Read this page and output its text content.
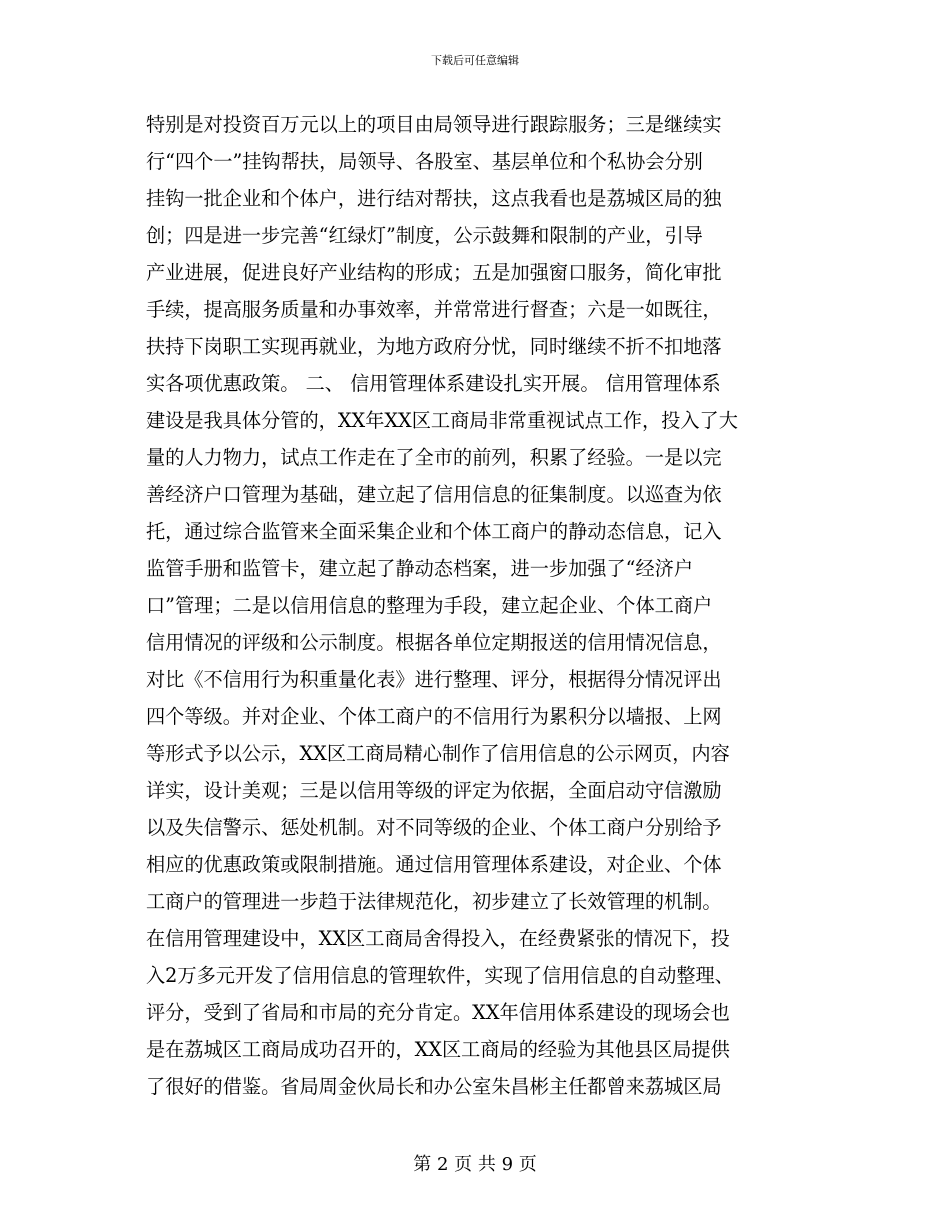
下载后可任意编辑
特别是对投资百万元以上的项目由局领导进行跟踪服务；三是继续实
行“四个一”挂钩帮扶，局领导、各股室、基层单位和个私协会分别
挂钩一批企业和个体户，进行结对帮扶，这点我看也是荔城区局的独
创；四是进一步完善“红绿灯”制度，公示鼓舞和限制的产业，引导
产业进展，促进良好产业结构的形成；五是加强窗口服务，简化审批
手续，提高服务质量和办事效率，并常常进行督查；六是一如既往，
扶持下岗职工实现再就业，为地方政府分忧，同时继续不折不扣地落
实各项优惠政策。 二、 信用管理体系建设扎实开展。 信用管理体系
建设是我具体分管的，XX年XX区工商局非常重视试点工作，投入了大
量的人力物力，试点工作走在了全市的前列，积累了经验。一是以完
善经济户口管理为基础，建立起了信用信息的征集制度。以巡查为依
托，通过综合监管来全面采集企业和个体工商户的静动态信息，记入
监管手册和监管卡，建立起了静动态档案，进一步加强了“经济户
口”管理；二是以信用信息的整理为手段，建立起企业、个体工商户
信用情况的评级和公示制度。根据各单位定期报送的信用情况信息，
对比《不信用行为积重量化表》进行整理、评分，根据得分情况评出
四个等级。并对企业、个体工商户的不信用行为累积分以墙报、上网
等形式予以公示，XX区工商局精心制作了信用信息的公示网页，内容
详实，设计美观；三是以信用等级的评定为依据，全面启动守信激励
以及失信警示、惩处机制。对不同等级的企业、个体工商户分别给予
相应的优惠政策或限制措施。通过信用管理体系建设，对企业、个体
工商户的管理进一步趋于法律规范化，初步建立了长效管理的机制。
在信用管理建设中，XX区工商局舍得投入，在经费紧张的情况下，投
入2万多元开发了信用信息的管理软件，实现了信用信息的自动整理、
评分，受到了省局和市局的充分肯定。XX年信用体系建设的现场会也
是在荔城区工商局成功召开的，XX区工商局的经验为其他县区局提供
了很好的借鉴。省局周金伙局长和办公室朱昌彬主任都曾来荔城区局
第 2 页 共 9 页
